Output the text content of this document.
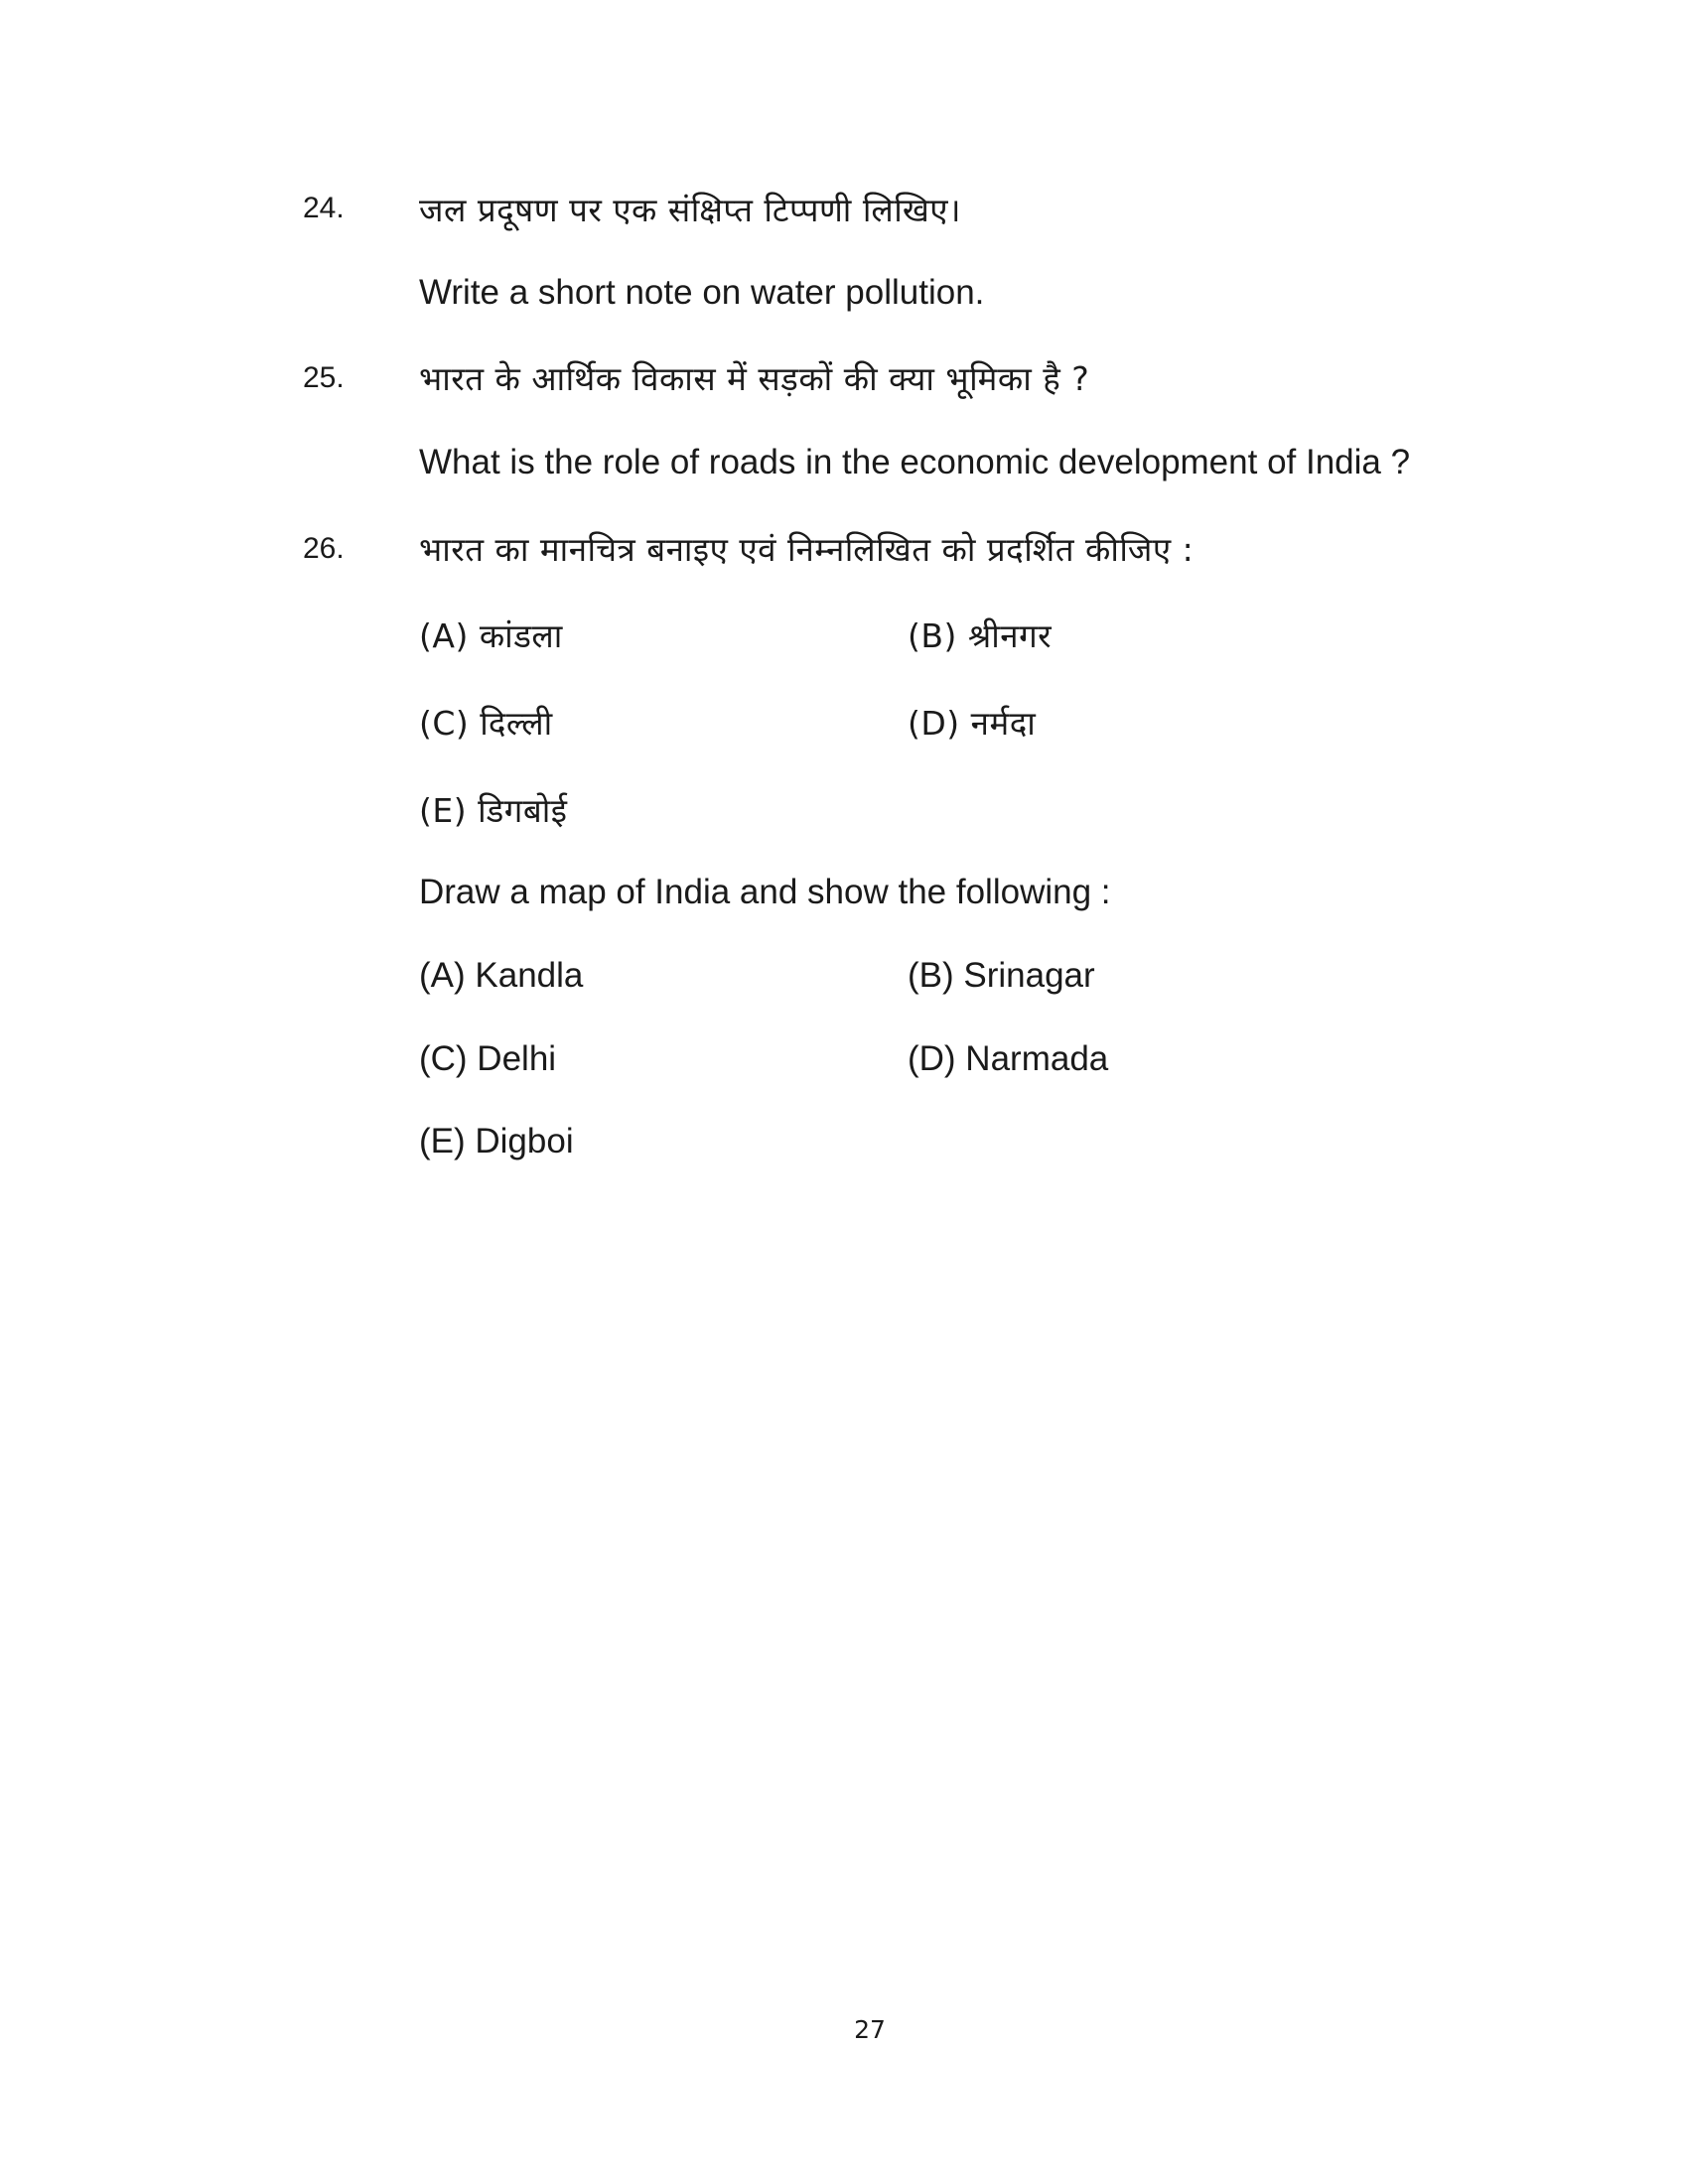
24. जल प्रदूषण पर एक संक्षिप्त टिप्पणी लिखिए।
Write a short note on water pollution.
25. भारत के आर्थिक विकास में सड़कों की क्या भूमिका है ?
What is the role of roads in the economic development of India ?
26. भारत का मानचित्र बनाइए एवं निम्नलिखित को प्रदर्शित कीजिए :
(A) कांडला	(B) श्रीनगर
(C) दिल्ली	(D) नर्मदा
(E) डिगबोई
Draw a map of India and show the following :
(A) Kandla	(B) Srinagar
(C) Delhi	(D) Narmada
(E) Digboi
27
